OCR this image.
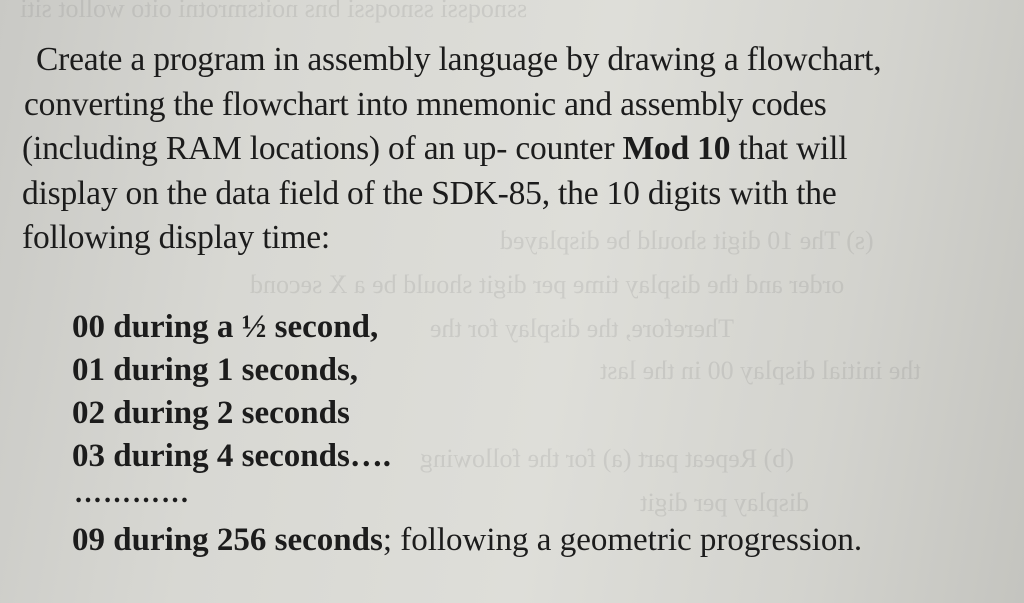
ssnoqssi ssnoqssi bns noitsmrotni oito wollot siti
(s) The 10 digit should be displayed
order and the display time per digit should be a X second
Therefore, the display for the
the initial display 00 in the last
(b) Repeat part (a) for the following
display per digit
Create a program in assembly language by drawing a flowchart,
converting the flowchart into mnemonic and assembly codes
(including RAM locations) of an up- counter Mod 10 that will
display on the data field of the SDK-85, the 10 digits with the
following display time:
00 during a ½ second,
01 during 1 seconds,
02 during 2 seconds
03 during 4 seconds….
…………
09 during 256 seconds; following a geometric progression.
